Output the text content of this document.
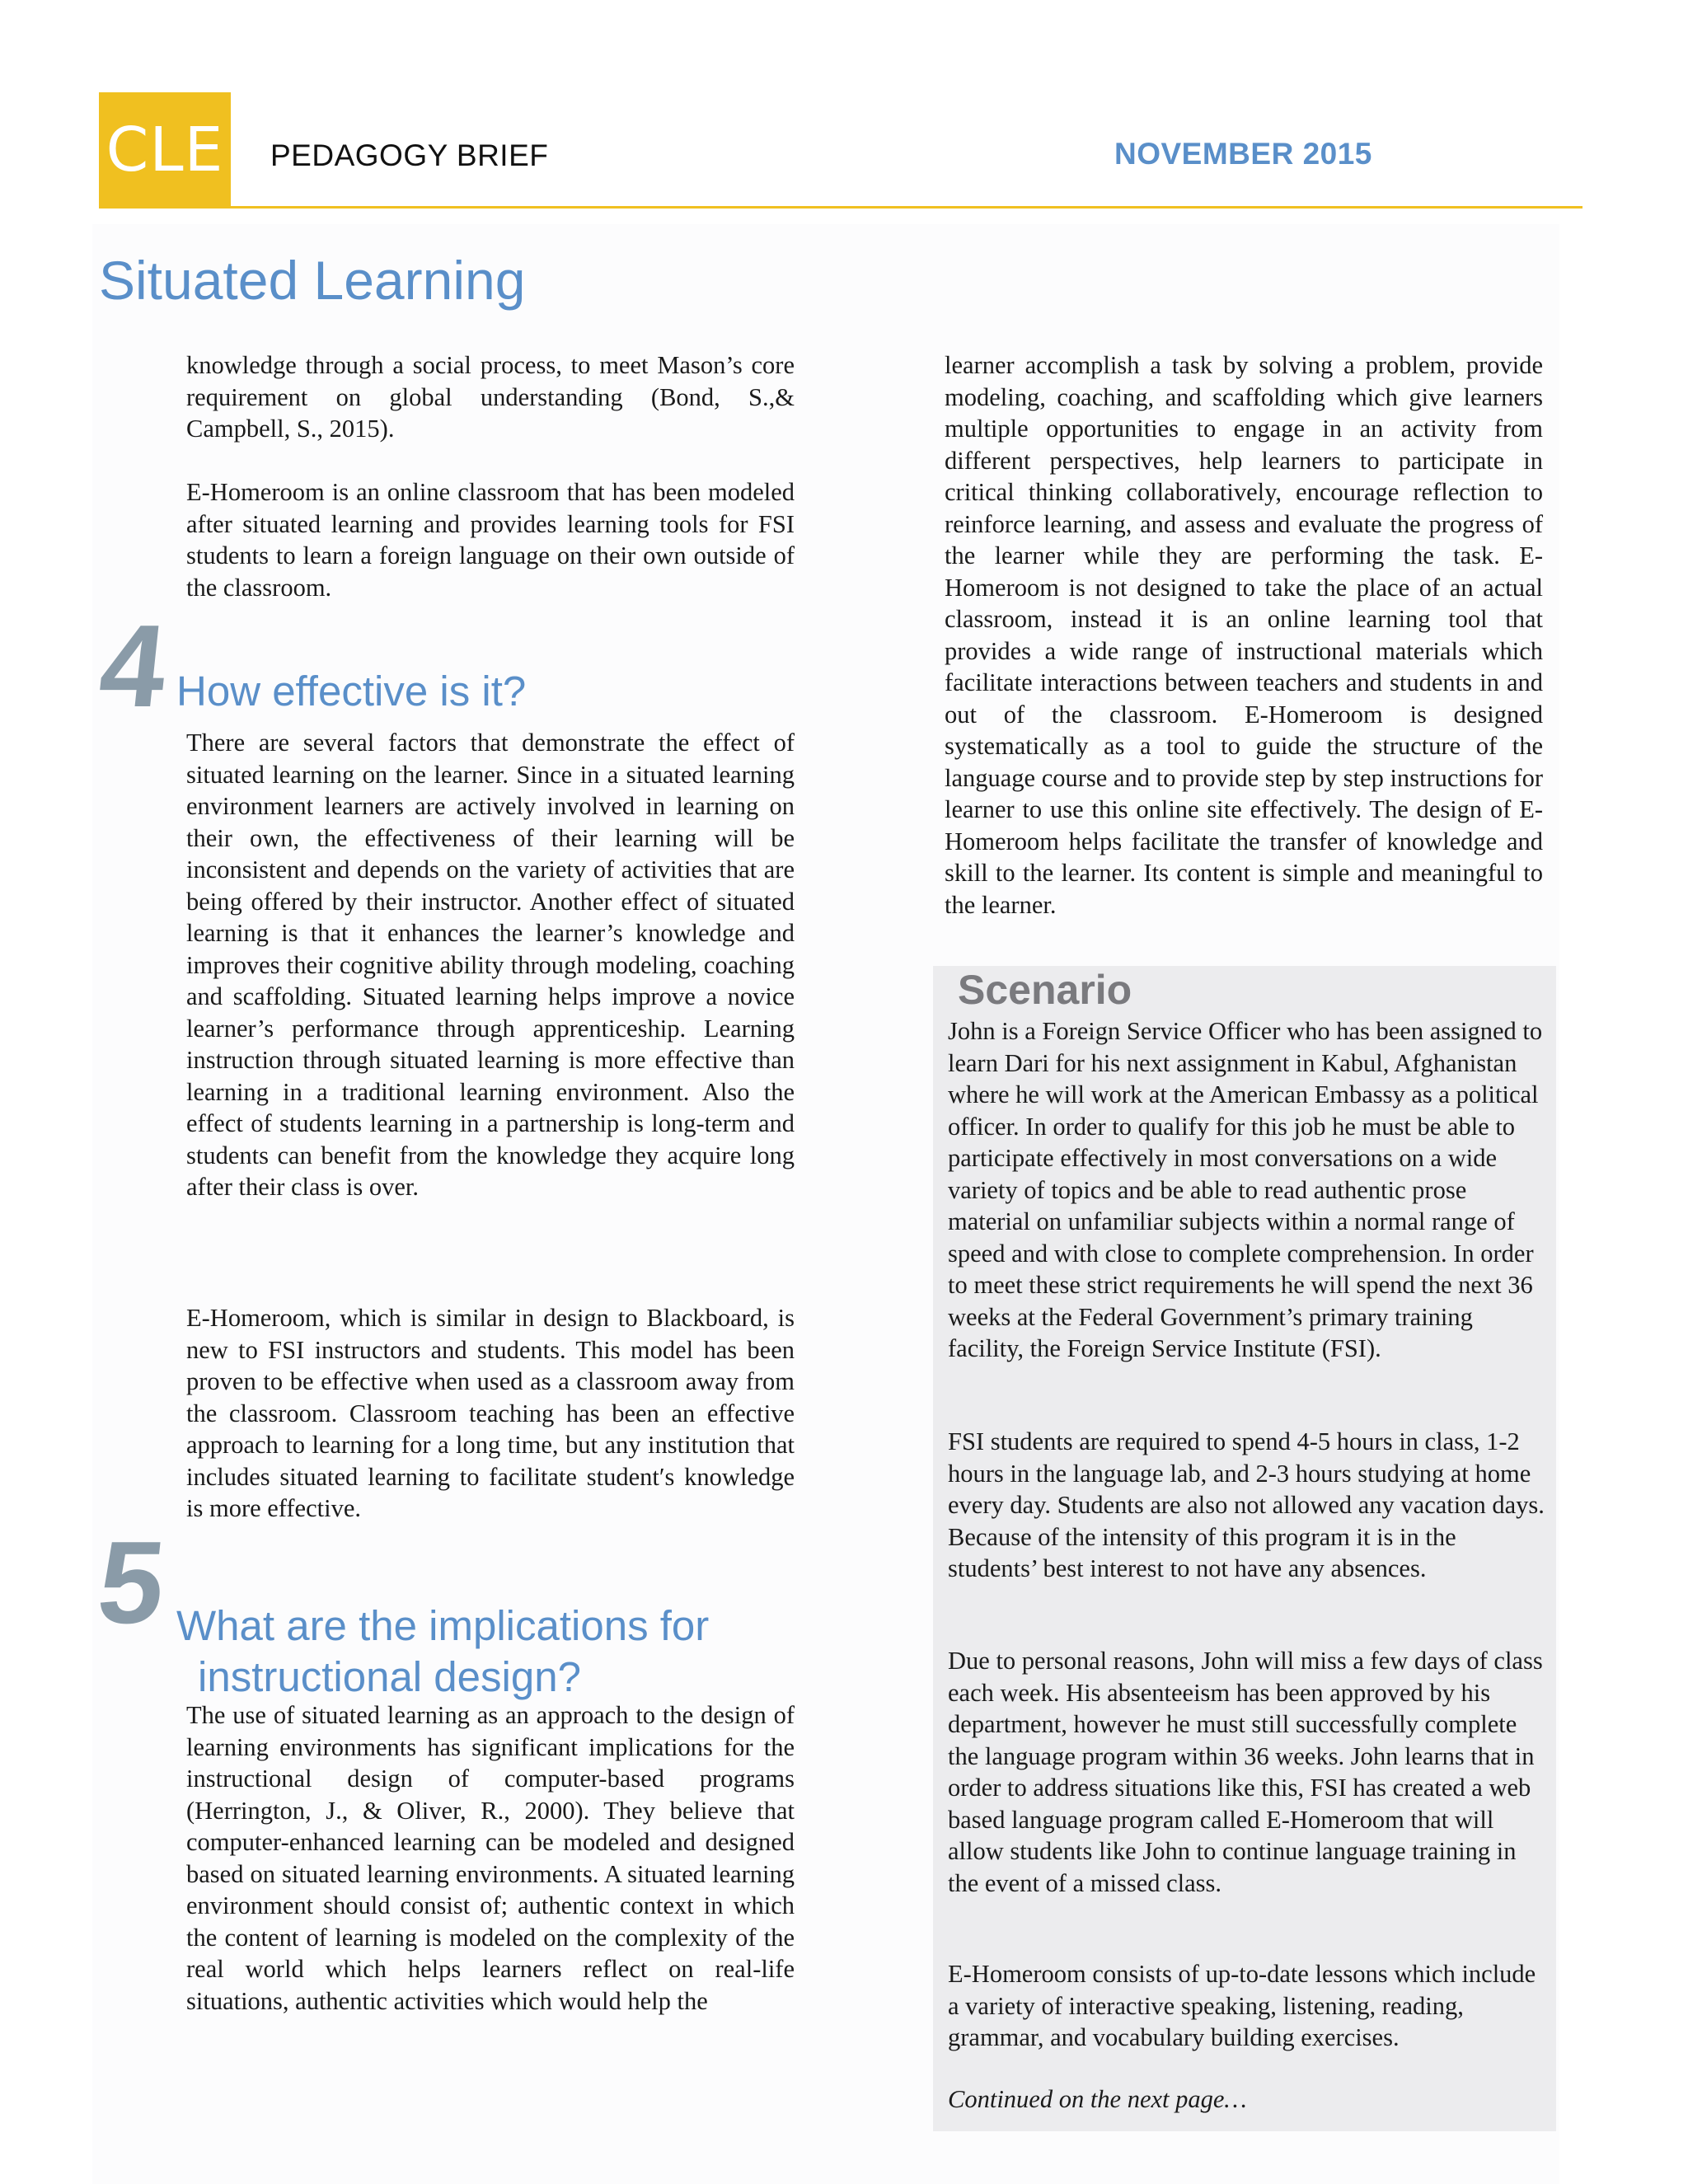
CLE PEDAGOGY BRIEF	NOVEMBER 2015
Situated Learning

knowledge through a social process, to meet Mason’s core requirement on global understanding (Bond, S.,& Campbell, S., 2015).

E-Homeroom is an online classroom that has been modeled after situated learning and provides learning tools for FSI students to learn a foreign language on their own outside of the classroom.

4 How effective is it?

There are several factors that demonstrate the effect of situated learning on the learner. Since in a situated learning environment learners are actively involved in learning on their own, the effectiveness of their learning will be inconsistent and depends on the variety of activities that are being offered by their instructor. Another effect of situated learning is that it enhances the learner’s knowledge and improves their cognitive ability through modeling, coaching and scaffolding. Situated learning helps improve a novice learner’s performance through apprenticeship. Learning instruction through situated learning is more effective than learning in a traditional learning environment. Also the effect of students learning in a partnership is long-term and students can benefit from the knowledge they acquire long after their class is over.

E-Homeroom, which is similar in design to Blackboard, is new to FSI instructors and students. This model has been proven to be effective when used as a classroom away from the classroom. Classroom teaching has been an effective approach to learning for a long time, but any institution that includes situated learning to facilitate student′s knowledge is more effective.

5 What are the implications for
instructional design?

The use of situated learning as an approach to the design of learning environments has significant implications for the instructional design of computer-based programs (Herrington, J., & Oliver, R., 2000). They believe that computer-enhanced learning can be modeled and designed based on situated learning environments. A situated learning environment should consist of; authentic context in which the content of learning is modeled on the complexity of the real world which helps learners reflect on real-life situations, authentic activities which would help the

learner accomplish a task by solving a problem, provide modeling, coaching, and scaffolding which give learners multiple opportunities to engage in an activity from different perspectives, help learners to participate in critical thinking collaboratively, encourage reflection to reinforce learning, and assess and evaluate the progress of the learner while they are performing the task. E-Homeroom is not designed to take the place of an actual classroom, instead it is an online learning tool that provides a wide range of instructional materials which facilitate interactions between teachers and students in and out of the classroom. E-Homeroom is designed systematically as a tool to guide the structure of the language course and to provide step by step instructions for learner to use this online site effectively. The design of E-Homeroom helps facilitate the transfer of knowledge and skill to the learner. Its content is simple and meaningful to the learner.

Scenario

John is a Foreign Service Officer who has been assigned to learn Dari for his next assignment in Kabul, Afghanistan where he will work at the American Embassy as a political officer. In order to qualify for this job he must be able to participate effectively in most conversations on a wide variety of topics and be able to read authentic prose material on unfamiliar subjects within a normal range of speed and with close to complete comprehension. In order to meet these strict requirements he will spend the next 36 weeks at the Federal Government’s primary training facility, the Foreign Service Institute (FSI).

FSI students are required to spend 4-5 hours in class, 1-2 hours in the language lab, and 2-3 hours studying at home every day. Students are also not allowed any vacation days. Because of the intensity of this program it is in the students’ best interest to not have any absences.

Due to personal reasons, John will miss a few days of class each week. His absenteeism has been approved by his department, however he must still successfully complete the language program within 36 weeks. John learns that in order to address situations like this, FSI has created a web based language program called E-Homeroom that will allow students like John to continue language training in the event of a missed class.

E-Homeroom consists of up-to-date lessons which include a variety of interactive speaking, listening, reading, grammar, and vocabulary building exercises.

Continued on the next page…
